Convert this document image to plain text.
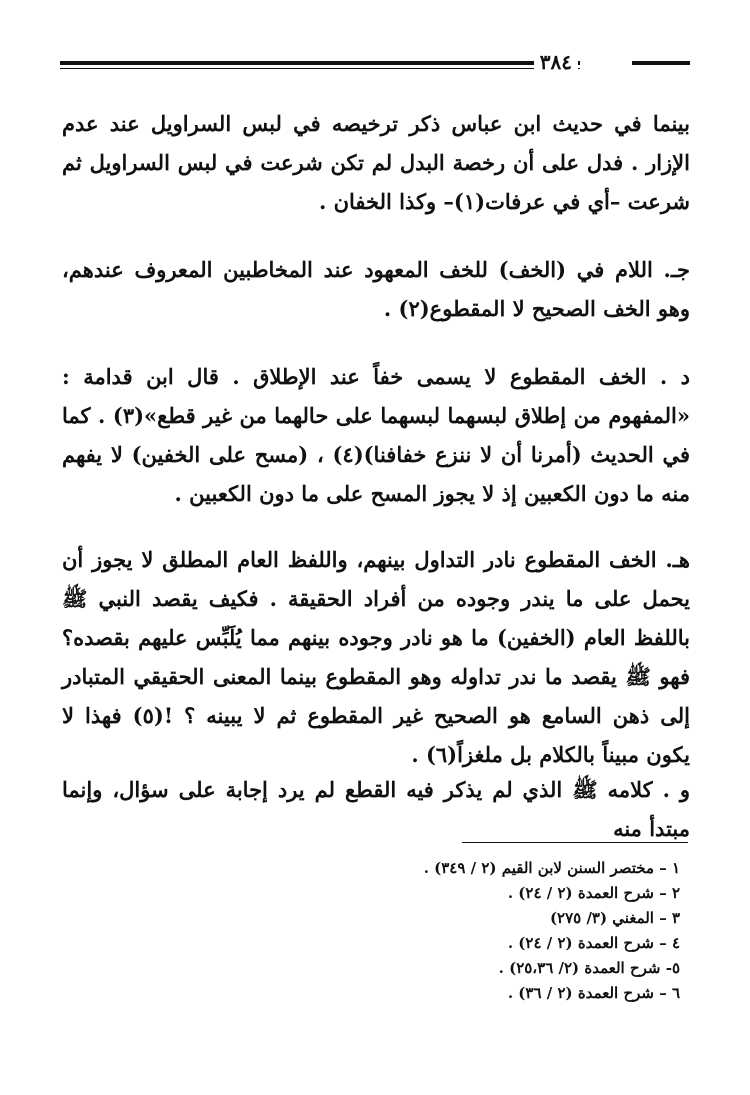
٣٨٤

بينما في حديث ابن عباس ذكر ترخيصه في لبس السراويل عند عدم الإزار . فدل على أن رخصة البدل لم تكن شرعت في لبس السراويل ثم شرعت –أي في عرفات(١)– وكذا الخفان .

جـ. اللام في (الخف) للخف المعهود عند المخاطبين المعروف عندهم، وهو الخف الصحيح لا المقطوع(٢) .

د . الخف المقطوع لا يسمى خفاً عند الإطلاق . قال ابن قدامة : «المفهوم من إطلاق لبسهما لبسهما على حالهما من غير قطع»(٣) . كما في الحديث (أمرنا أن لا ننزع خفافنا)(٤) ، (مسح على الخفين) لا يفهم منه ما دون الكعبين إذ لا يجوز المسح على ما دون الكعبين .

هـ. الخف المقطوع نادر التداول بينهم، واللفظ العام المطلق لا يجوز أن يحمل على ما يندر وجوده من أفراد الحقيقة . فكيف يقصد النبي ﷺ باللفظ العام (الخفين) ما هو نادر وجوده بينهم مما يُلَبِّس عليهم بقصده؟ فهو ﷺ يقصد ما ندر تداوله وهو المقطوع بينما المعنى الحقيقي المتبادر إلى ذهن السامع هو الصحيح غير المقطوع ثم لا يبينه ؟ !(٥) فهذا لا يكون مبيناً بالكلام بل ملغزاً(٦) .

و . كلامه ﷺ الذي لم يذكر فيه القطع لم يرد إجابة على سؤال، وإنما مبتدأ منه

١ – مختصر السنن لابن القيم (٢ / ٣٤٩) .
٢ – شرح العمدة (٢ / ٢٤) .
٣ – المغني (٣/ ٢٧٥)
٤ – شرح العمدة (٢ / ٢٤) .
٥- شرح العمدة (٢/ ٢٥،٣٦) .
٦ – شرح العمدة (٢ / ٣٦) .
